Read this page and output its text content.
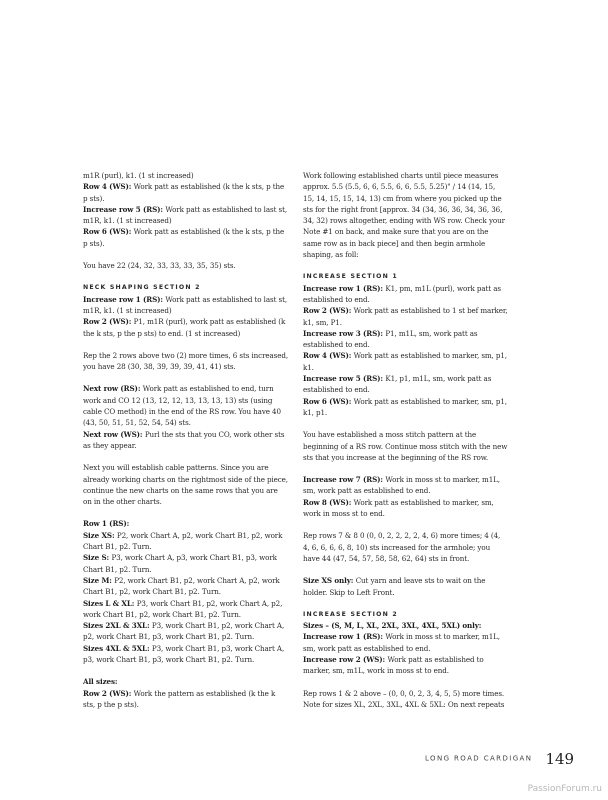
m1R (purl), k1. (1 st increased)
Row 4 (WS): Work patt as established (k the k sts, p the p sts).
Increase row 5 (RS): Work patt as established to last st, m1R, k1. (1 st increased)
Row 6 (WS): Work patt as established (k the k sts, p the p sts).
You have 22 (24, 32, 33, 33, 33, 35, 35) sts.
NECK SHAPING SECTION 2
Increase row 1 (RS): Work patt as established to last st, m1R, k1. (1 st increased)
Row 2 (WS): P1, m1R (purl), work patt as established (k the k sts, p the p sts) to end. (1 st increased)
Rep the 2 rows above two (2) more times, 6 sts increased, you have 28 (30, 38, 39, 39, 39, 41, 41) sts.
Next row (RS): Work patt as established to end, turn work and CO 12 (13, 12, 12, 13, 13, 13, 13) sts (using cable CO method) in the end of the RS row. You have 40 (43, 50, 51, 51, 52, 54, 54) sts.
Next row (WS): Purl the sts that you CO, work other sts as they appear.
Next you will establish cable patterns. Since you are already working charts on the rightmost side of the piece, continue the new charts on the same rows that you are on in the other charts.
Row 1 (RS):
Size XS: P2, work Chart A, p2, work Chart B1, p2, work Chart B1, p2. Turn.
Size S: P3, work Chart A, p3, work Chart B1, p3, work Chart B1, p2. Turn.
Size M: P2, work Chart B1, p2, work Chart A, p2, work Chart B1, p2, work Chart B1, p2. Turn.
Sizes L & XL: P3, work Chart B1, p2, work Chart A, p2, work Chart B1, p2, work Chart B1, p2. Turn.
Sizes 2XL & 3XL: P3, work Chart B1, p2, work Chart A, p2, work Chart B1, p3, work Chart B1, p2. Turn.
Sizes 4XL & 5XL: P3, work Chart B1, p3, work Chart A, p3, work Chart B1, p3, work Chart B1, p2. Turn.
All sizes:
Row 2 (WS): Work the pattern as established (k the k sts, p the p sts).
Work following established charts until piece measures approx. 5.5 (5.5, 6, 6, 5.5, 6, 6, 5.5, 5.25)" / 14 (14, 15, 15, 14, 15, 15, 14, 13) cm from where you picked up the sts for the right front [approx. 34 (34, 36, 36, 34, 36, 36, 34, 32) rows altogether, ending with WS row. Check your Note #1 on back, and make sure that you are on the same row as in back piece] and then begin armhole shaping, as foll:
INCREASE SECTION 1
Increase row 1 (RS): K1, pm, m1L (purl), work patt as established to end.
Row 2 (WS): Work patt as established to 1 st bef marker, k1, sm, P1.
Increase row 3 (RS): P1, m1L, sm, work patt as established to end.
Row 4 (WS): Work patt as established to marker, sm, p1, k1.
Increase row 5 (RS): K1, p1, m1L, sm, work patt as established to end.
Row 6 (WS): Work patt as established to marker, sm, p1, k1, p1.
You have established a moss stitch pattern at the beginning of a RS row. Continue moss stitch with the new sts that you increase at the beginning of the RS row.
Increase row 7 (RS): Work in moss st to marker, m1L, sm, work patt as established to end.
Row 8 (WS): Work patt as established to marker, sm, work in moss st to end.
Rep rows 7 & 8 0 (0, 0, 2, 2, 2, 2, 4, 6) more times; 4 (4, 4, 6, 6, 6, 6, 8, 10) sts increased for the armhole; you have 44 (47, 54, 57, 58, 58, 62, 64) sts in front.
Size XS only: Cut yarn and leave sts to wait on the holder. Skip to Left Front.
INCREASE SECTION 2
Sizes – (S, M, L, XL, 2XL, 3XL, 4XL, 5XL) only:
Increase row 1 (RS): Work in moss st to marker, m1L, sm, work patt as established to end.
Increase row 2 (WS): Work patt as established to marker, sm, m1L, work in moss st to end.
Rep rows 1 & 2 above – (0, 0, 0, 2, 3, 4, 5, 5) more times. Note for sizes XL, 2XL, 3XL, 4XL & 5XL: On next repeats
LONG ROAD CARDIGAN 149
PassionForum.ru
